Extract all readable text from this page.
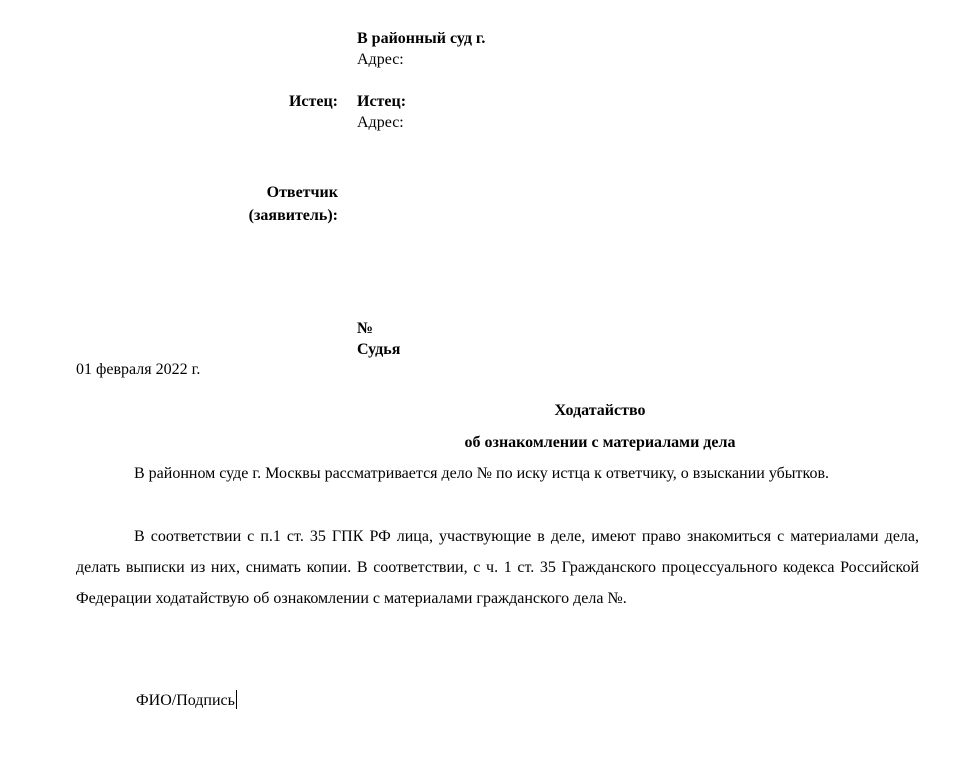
В районный суд г.
Адрес:
Истец: Истец:
Адрес:
Ответчик
(заявитель):
№
Судья
01 февраля 2022 г.
Ходатайство
об ознакомлении с материалами дела
В районном суде г. Москвы рассматривается дело № по иску истца к ответчику, о взыскании убытков.
В соответствии с п.1 ст. 35 ГПК РФ лица, участвующие в деле, имеют право знакомиться с материалами дела, делать выписки из них, снимать копии. В соответствии, с ч. 1 ст. 35 Гражданского процессуального кодекса Российской Федерации ходатайствую об ознакомлении с материалами гражданского дела №.
ФИО/Подпись
